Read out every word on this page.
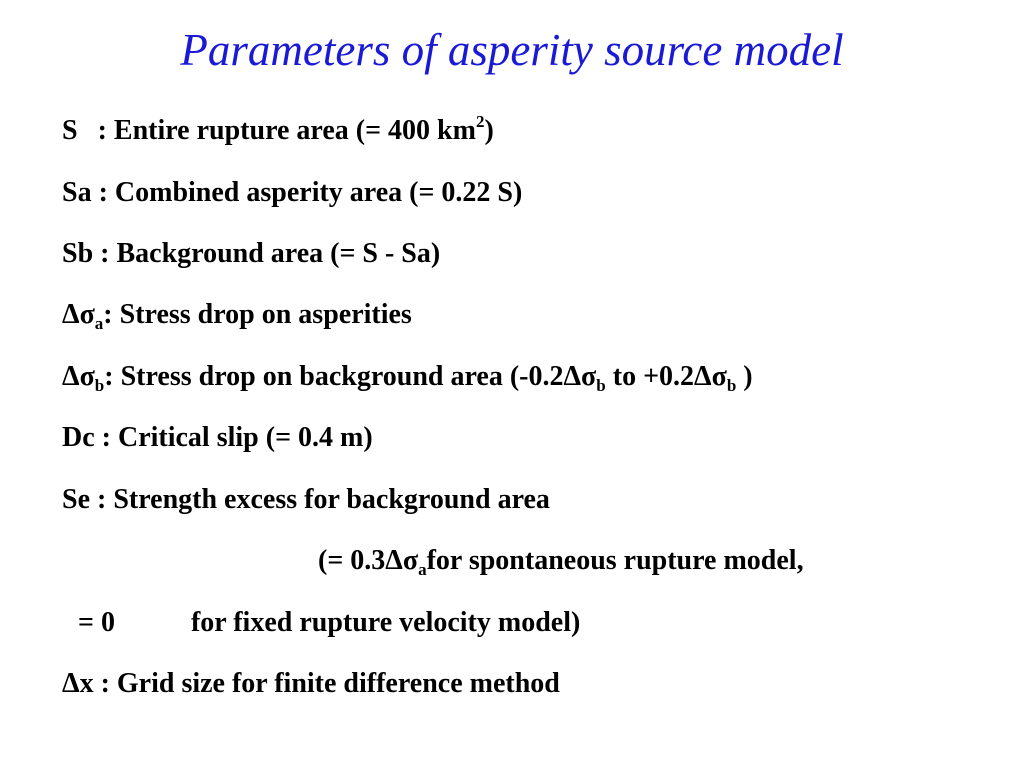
Parameters of asperity source model
S : Entire rupture area (= 400 $km^2$)
Sa : Combined asperity area (= 0.22 S)
Sb : Background area (= S - Sa)
$\Delta\sigma_a$: Stress drop on asperities
$\Delta\sigma_b$: Stress drop on background area ($-0.2\Delta\sigma_b$ to $+0.2\Delta\sigma_b$ )
Dc : Critical slip (= 0.4 m)
Se : Strength excess for background area
(= $0.3\Delta\sigma_afor$ spontaneous rupture model,
= 0	for fixed rupture velocity model)
Δx : Grid size for finite difference method
